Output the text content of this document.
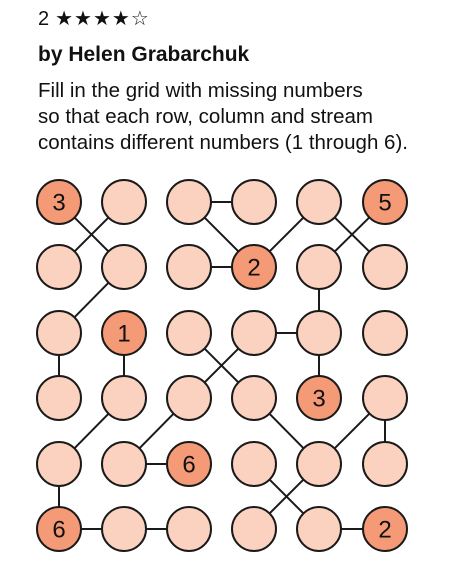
2 ★★★★☆
by Helen Grabarchuk
Fill in the grid with missing numbers
so that each row, column and stream
contains different numbers (1 through 6).
3	5
2
1
3
6
6	2
